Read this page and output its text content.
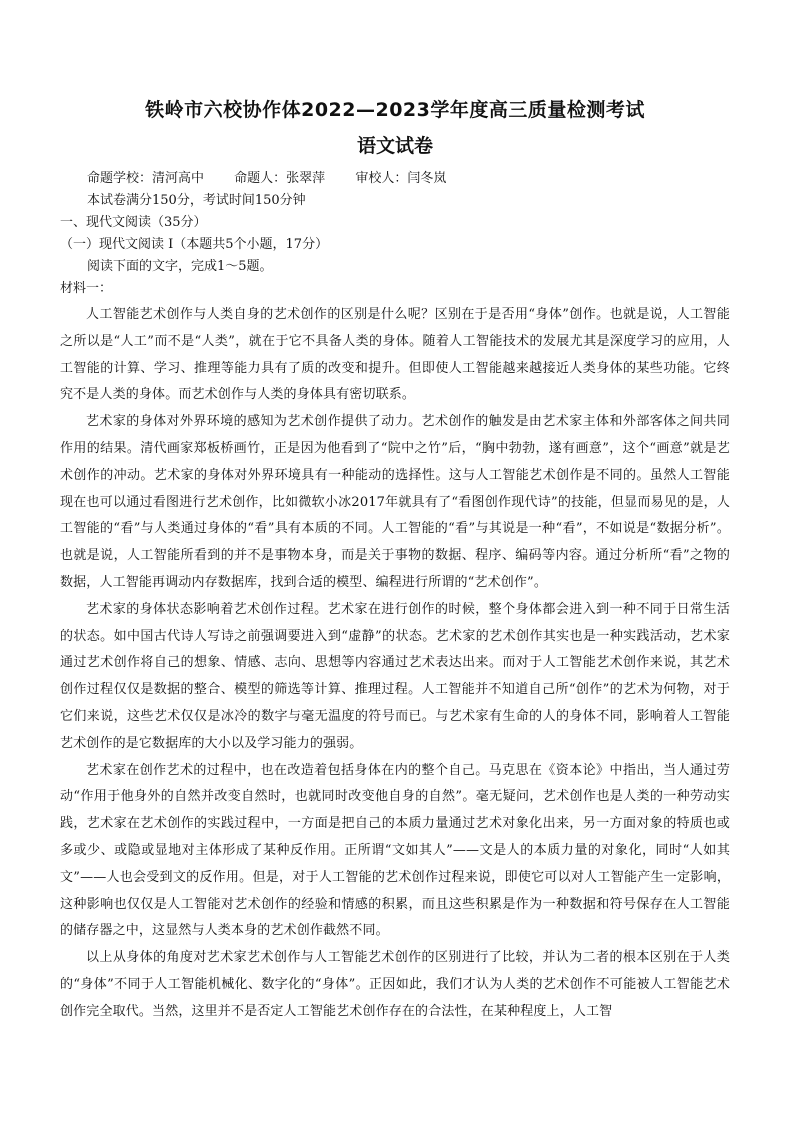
铁岭市六校协作体2022—2023学年度高三质量检测考试
语文试卷
命题学校：清河高中 命题人：张翠萍 审校人：闫冬岚
本试卷满分150分，考试时间150分钟
一、现代文阅读（35分）
（一）现代文阅读 I（本题共5个小题，17分）
阅读下面的文字，完成1～5题。
材料一：

人工智能艺术创作与人类自身的艺术创作的区别是什么呢？区别在于是否用“身体”创作。也就是说，人工智能之所以是“人工”而不是“人类”，就在于它不具备人类的身体。随着人工智能技术的发展尤其是深度学习的应用，人工智能的计算、学习、推理等能力具有了质的改变和提升。但即使人工智能越来越接近人类身体的某些功能。它终究不是人类的身体。而艺术创作与人类的身体具有密切联系。

艺术家的身体对外界环境的感知为艺术创作提供了动力。艺术创作的触发是由艺术家主体和外部客体之间共同作用的结果。清代画家郑板桥画竹，正是因为他看到了“院中之竹”后，“胸中勃勃，遂有画意”，这个“画意”就是艺术创作的冲动。艺术家的身体对外界环境具有一种能动的选择性。这与人工智能艺术创作是不同的。虽然人工智能现在也可以通过看图进行艺术创作，比如微软小冰2017年就具有了“看图创作现代诗”的技能，但显而易见的是，人工智能的“看”与人类通过身体的“看”具有本质的不同。人工智能的“看”与其说是一种“看”，不如说是“数据分析”。也就是说，人工智能所看到的并不是事物本身，而是关于事物的数据、程序、编码等内容。通过分析所“看”之物的数据，人工智能再调动内存数据库，找到合适的模型、编程进行所谓的“艺术创作”。

艺术家的身体状态影响着艺术创作过程。艺术家在进行创作的时候，整个身体都会进入到一种不同于日常生活的状态。如中国古代诗人写诗之前强调要进入到“虚静”的状态。艺术家的艺术创作其实也是一种实践活动，艺术家通过艺术创作将自己的想象、情感、志向、思想等内容通过艺术表达出来。而对于人工智能艺术创作来说，其艺术创作过程仅仅是数据的整合、模型的筛选等计算、推理过程。人工智能并不知道自己所“创作”的艺术为何物，对于它们来说，这些艺术仅仅是冰冷的数字与毫无温度的符号而已。与艺术家有生命的人的身体不同，影响着人工智能艺术创作的是它数据库的大小以及学习能力的强弱。

艺术家在创作艺术的过程中，也在改造着包括身体在内的整个自己。马克思在《资本论》中指出，当人通过劳动“作用于他身外的自然并改变自然时，也就同时改变他自身的自然”。毫无疑问，艺术创作也是人类的一种劳动实践，艺术家在艺术创作的实践过程中，一方面是把自己的本质力量通过艺术对象化出来，另一方面对象的特质也或多或少、或隐或显地对主体形成了某种反作用。正所谓“文如其人”——文是人的本质力量的对象化，同时“人如其文”——人也会受到文的反作用。但是，对于人工智能的艺术创作过程来说，即使它可以对人工智能产生一定影响，这种影响也仅仅是人工智能对艺术创作的经验和情感的积累，而且这些积累是作为一种数据和符号保存在人工智能的储存器之中，这显然与人类本身的艺术创作截然不同。

以上从身体的角度对艺术家艺术创作与人工智能艺术创作的区别进行了比较，并认为二者的根本区别在于人类的“身体”不同于人工智能机械化、数字化的“身体”。正因如此，我们才认为人类的艺术创作不可能被人工智能艺术创作完全取代。当然，这里并不是否定人工智能艺术创作存在的合法性，在某种程度上，人工智
